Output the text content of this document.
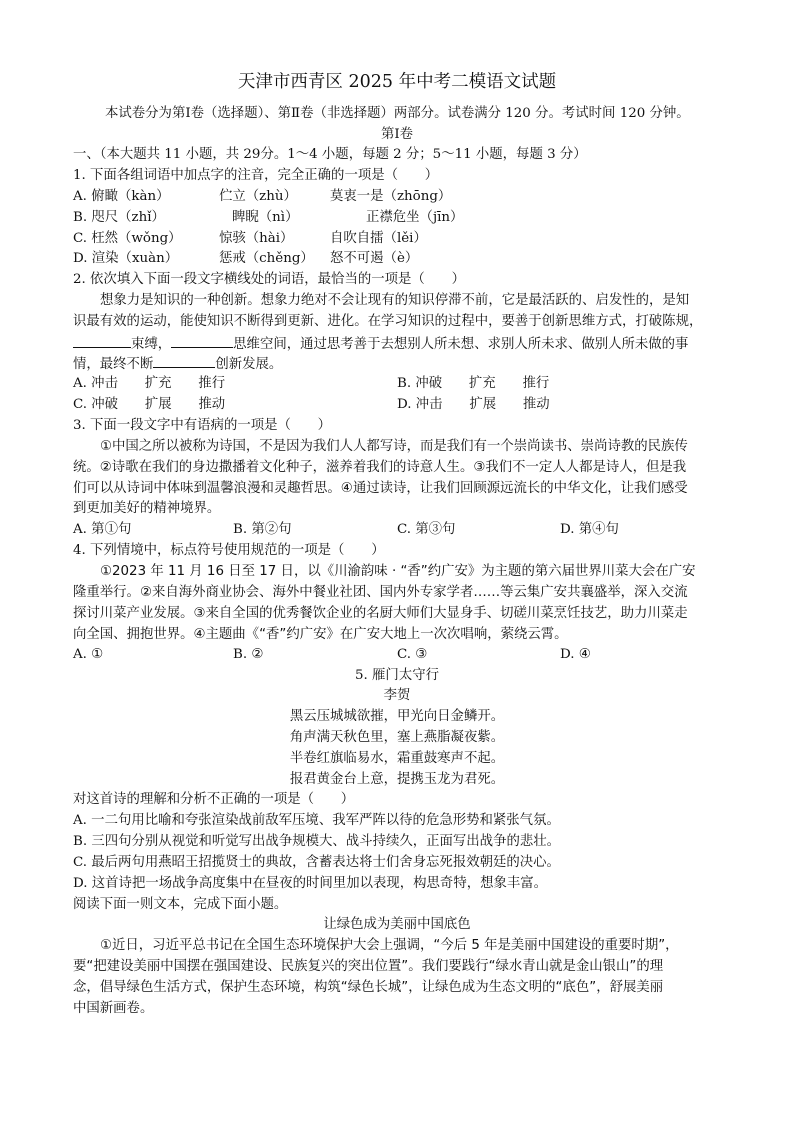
天津市西青区 2025 年中考二模语文试题
本试卷分为第Ⅰ卷（选择题）、第Ⅱ卷（非选择题）两部分。试卷满分 120 分。考试时间 120 分钟。
第Ⅰ卷
一、（本大题共 11 小题，共 29分。1～4 小题，每题 2 分；5～11 小题，每题 3 分）
1. 下面各组词语中加点字的注音，完全正确的一项是（　　）
A. 俯瞰（kàn）	伫立（zhù） 莫衷一是（zhōng）
B. 咫尺（zhǐ）	睥睨（nì）	正襟危坐（jīn）
C. 枉然（wǒng）	惊骇（hài）	自吹自擂（lěi）
D. 渲染（xuàn）	惩戒（chěng） 怒不可遏（è）
2. 依次填入下面一段文字横线处的词语，最恰当的一项是（　　）
想象力是知识的一种创新。想象力绝对不会让现有的知识停滞不前，它是最活跃的、启发性的，是知
识最有效的运动，能使知识不断得到更新、进化。在学习知识的过程中，要善于创新思维方式，打破陈规，
束缚，	思维空间，通过思考善于去想别人所未想、求别人所未求、做别人所未做的事
情，最终不断	创新发展。
A. 冲击　　扩充　　推行	B. 冲破　　扩充　　推行
C. 冲破　　扩展　　推动	D. 冲击　　扩展　　推动
3. 下面一段文字中有语病的一项是（　　）
①中国之所以被称为诗国，不是因为我们人人都写诗，而是我们有一个崇尚读书、崇尚诗教的民族传
统。②诗歌在我们的身边撒播着文化种子，滋养着我们的诗意人生。③我们不一定人人都是诗人，但是我
们可以从诗词中体味到温馨浪漫和灵趣哲思。④通过读诗，让我们回顾源远流长的中华文化，让我们感受
到更加美好的精神境界。
A. 第①句	B. 第②句	C. 第③句	D. 第④句
4. 下列情境中，标点符号使用规范的一项是（　　）
①2023 年 11 月 16 日至 17 日，以《川渝韵味 · “香”约广安》为主题的第六届世界川菜大会在广安
隆重举行。②来自海外商业协会、海外中餐业社团、国内外专家学者……等云集广安共襄盛举，深入交流
探讨川菜产业发展。③来自全国的优秀餐饮企业的名厨大师们大显身手、切磋川菜烹饪技艺，助力川菜走
向全国、拥抱世界。④主题曲《“香”约广安》在广安大地上一次次唱响，萦绕云霄。
A. ①	B. ②	C. ③	D. ④
5. 雁门太守行
李贺
黑云压城城欲摧，甲光向日金鳞开。
角声满天秋色里，塞上燕脂凝夜紫。
半卷红旗临易水，霜重鼓寒声不起。
报君黄金台上意，提携玉龙为君死。
对这首诗的理解和分析不正确的一项是（　　）
A. 一二句用比喻和夸张渲染战前敌军压境、我军严阵以待的危急形势和紧张气氛。
B. 三四句分别从视觉和听觉写出战争规模大、战斗持续久，正面写出战争的悲壮。
C. 最后两句用燕昭王招揽贤士的典故，含蓄表达将士们舍身忘死报效朝廷的决心。
D. 这首诗把一场战争高度集中在昼夜的时间里加以表现，构思奇特，想象丰富。
阅读下面一则文本，完成下面小题。
让绿色成为美丽中国底色
①近日，习近平总书记在全国生态环境保护大会上强调，“今后 5 年是美丽中国建设的重要时期”，
要“把建设美丽中国摆在强国建设、民族复兴的突出位置”。我们要践行“绿水青山就是金山银山”的理
念，倡导绿色生活方式，保护生态环境，构筑“绿色长城”，让绿色成为生态文明的“底色”，舒展美丽
中国新画卷。
